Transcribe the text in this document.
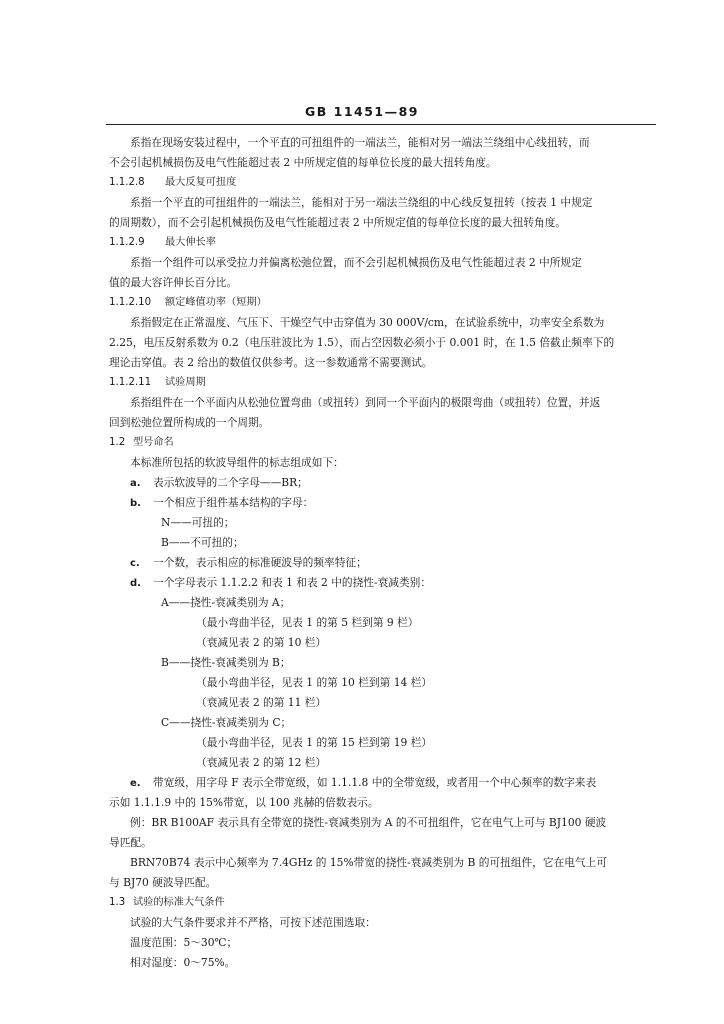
GB 11451—89
系指在现场安装过程中，一个平直的可扭组件的一端法兰，能相对另一端法兰绕组中心线扭转，而
不会引起机械损伤及电气性能超过表 2 中所规定值的每单位长度的最大扭转角度。
1.1.2.8 最大反复可扭度
系指一个平直的可扭组件的一端法兰，能相对于另一端法兰绕组的中心线反复扭转（按表 1 中规定
的周期数），而不会引起机械损伤及电气性能超过表 2 中所规定值的每单位长度的最大扭转角度。
1.1.2.9 最大伸长率
系指一个组件可以承受拉力并偏离松弛位置，而不会引起机械损伤及电气性能超过表 2 中所规定
值的最大容许伸长百分比。
1.1.2.10 额定峰值功率（短期）
系指假定在正常温度、气压下、干燥空气中击穿值为 30 000V/cm，在试验系统中，功率安全系数为
2.25，电压反射系数为 0.2（电压驻波比为 1.5），而占空因数必须小于 0.001 时，在 1.5 倍截止频率下的
理论击穿值。表 2 给出的数值仅供参考。这一参数通常不需要测试。
1.1.2.11 试验周期
系指组件在一个平面内从松弛位置弯曲（或扭转）到同一个平面内的极限弯曲（或扭转）位置，并返
回到松弛位置所构成的一个周期。
1.2 型号命名
本标准所包括的软波导组件的标志组成如下：
a. 表示软波导的二个字母——BR；
b. 一个相应于组件基本结构的字母：
N——可扭的；
B——不可扭的；
c. 一个数，表示相应的标准硬波导的频率特征；
d. 一个字母表示 1.1.2.2 和表 1 和表 2 中的挠性-衰减类别：
A——挠性-衰减类别为 A；
（最小弯曲半径，见表 1 的第 5 栏到第 9 栏）
（衰减见表 2 的第 10 栏）
B——挠性-衰减类别为 B；
（最小弯曲半径，见表 1 的第 10 栏到第 14 栏）
（衰减见表 2 的第 11 栏）
C——挠性-衰减类别为 C；
（最小弯曲半径，见表 1 的第 15 栏到第 19 栏）
（衰减见表 2 的第 12 栏）
e. 带宽级，用字母 F 表示全带宽级，如 1.1.1.8 中的全带宽级，或者用一个中心频率的数字来表
示如 1.1.1.9 中的 15%带宽，以 100 兆赫的倍数表示。
例：BR B100AF 表示具有全带宽的挠性-衰减类别为 A 的不可扭组件，它在电气上可与 BJ100 硬波
导匹配。
BRN70B74 表示中心频率为 7.4GHz 的 15%带宽的挠性-衰减类别为 B 的可扭组件，它在电气上可
与 BJ70 硬波导匹配。
1.3 试验的标准大气条件
试验的大气条件要求并不严格，可按下述范围选取：
温度范围：5～30℃；
相对湿度：0～75%。
